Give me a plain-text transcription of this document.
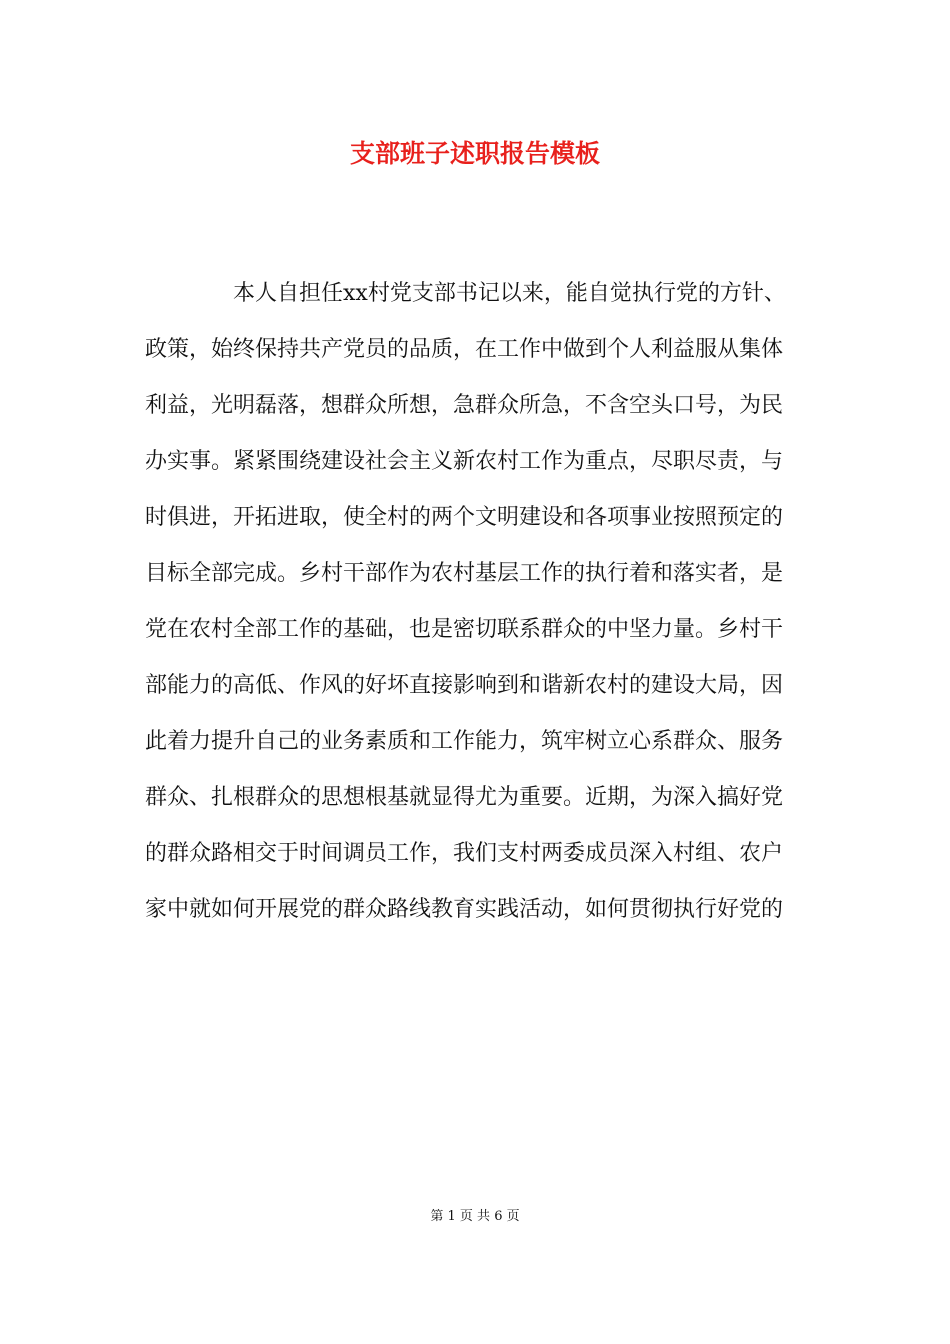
支部班子述职报告模板
本人自担任xx村党支部书记以来，能自觉执行党的方针、
政策，始终保持共产党员的品质，在工作中做到个人利益服从集体
利益，光明磊落，想群众所想，急群众所急，不含空头口号，为民
办实事。紧紧围绕建设社会主义新农村工作为重点，尽职尽责，与
时俱进，开拓进取，使全村的两个文明建设和各项事业按照预定的
目标全部完成。乡村干部作为农村基层工作的执行着和落实者，是
党在农村全部工作的基础，也是密切联系群众的中坚力量。乡村干
部能力的高低、作风的好坏直接影响到和谐新农村的建设大局，因
此着力提升自己的业务素质和工作能力，筑牢树立心系群众、服务
群众、扎根群众的思想根基就显得尤为重要。近期，为深入搞好党
的群众路相交于时间调员工作，我们支村两委成员深入村组、农户
家中就如何开展党的群众路线教育实践活动，如何贯彻执行好党的
第 1 页 共 6 页
